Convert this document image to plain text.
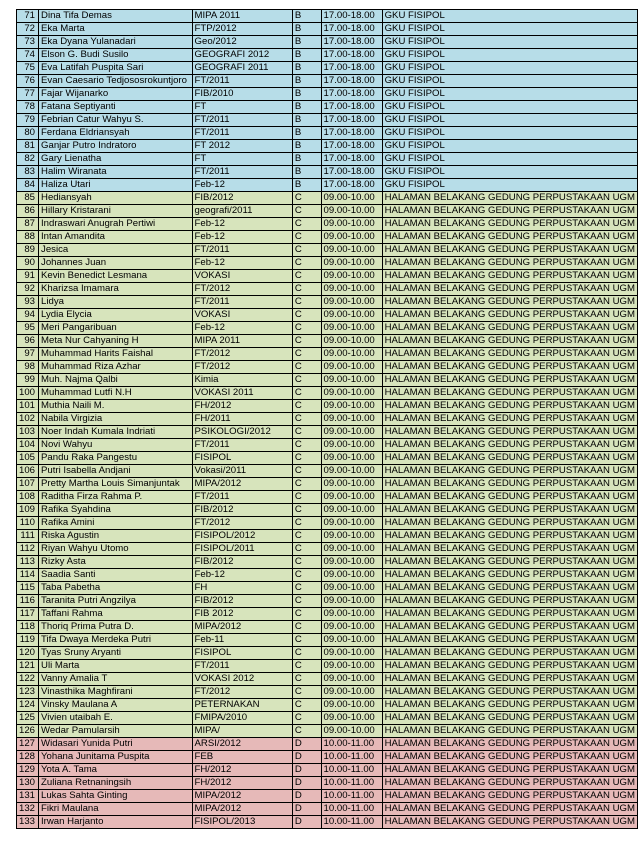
71	Dina Tifa Demas	MIPA 2011	B	17.00-18.00	GKU FISIPOL
72	Eka Marta	FTP/2012	B	17.00-18.00	GKU FISIPOL
73	Eka Dyana Yulanadari	Geo/2012	B	17.00-18.00	GKU FISIPOL
74	Elson G. Budi Susilo	GEOGRAFI 2012	B	17.00-18.00	GKU FISIPOL
75	Eva Latifah Puspita Sari	GEOGRAFI 2011	B	17.00-18.00	GKU FISIPOL
76	Evan Caesario Tedjososrokuntjoro	FT/2011	B	17.00-18.00	GKU FISIPOL
77	Fajar Wijanarko	FIB/2010	B	17.00-18.00	GKU FISIPOL
78	Fatana Septiyanti	FT	B	17.00-18.00	GKU FISIPOL
79	Febrian Catur Wahyu S.	FT/2011	B	17.00-18.00	GKU FISIPOL
80	Ferdana Eldriansyah	FT/2011	B	17.00-18.00	GKU FISIPOL
81	Ganjar Putro Indratoro	FT 2012	B	17.00-18.00	GKU FISIPOL
82	Gary Lienatha	FT	B	17.00-18.00	GKU FISIPOL
83	Halim Wiranata	FT/2011	B	17.00-18.00	GKU FISIPOL
84	Haliza Utari	Feb-12	B	17.00-18.00	GKU FISIPOL
85	Hediansyah	FIB/2012	C	09.00-10.00	HALAMAN BELAKANG GEDUNG PERPUSTAKAAN UGM
86	Hillary Kristarani	geografi/2011	C	09.00-10.00	HALAMAN BELAKANG GEDUNG PERPUSTAKAAN UGM
87	Indraswari Anugrah Pertiwi	Feb-12	C	09.00-10.00	HALAMAN BELAKANG GEDUNG PERPUSTAKAAN UGM
88	Intan Amandita	Feb-12	C	09.00-10.00	HALAMAN BELAKANG GEDUNG PERPUSTAKAAN UGM
89	Jesica	FT/2011	C	09.00-10.00	HALAMAN BELAKANG GEDUNG PERPUSTAKAAN UGM
90	Johannes Juan	Feb-12	C	09.00-10.00	HALAMAN BELAKANG GEDUNG PERPUSTAKAAN UGM
91	Kevin Benedict Lesmana	VOKASI	C	09.00-10.00	HALAMAN BELAKANG GEDUNG PERPUSTAKAAN UGM
92	Kharizsa Imamara	FT/2012	C	09.00-10.00	HALAMAN BELAKANG GEDUNG PERPUSTAKAAN UGM
93	Lidya	FT/2011	C	09.00-10.00	HALAMAN BELAKANG GEDUNG PERPUSTAKAAN UGM
94	Lydia Elycia	VOKASI	C	09.00-10.00	HALAMAN BELAKANG GEDUNG PERPUSTAKAAN UGM
95	Meri Pangaribuan	Feb-12	C	09.00-10.00	HALAMAN BELAKANG GEDUNG PERPUSTAKAAN UGM
96	Meta Nur Cahyaning H	MIPA 2011	C	09.00-10.00	HALAMAN BELAKANG GEDUNG PERPUSTAKAAN UGM
97	Muhammad Harits Faishal	FT/2012	C	09.00-10.00	HALAMAN BELAKANG GEDUNG PERPUSTAKAAN UGM
98	Muhammad Riza Azhar	FT/2012	C	09.00-10.00	HALAMAN BELAKANG GEDUNG PERPUSTAKAAN UGM
99	Muh. Najma Qalbi	Kimia	C	09.00-10.00	HALAMAN BELAKANG GEDUNG PERPUSTAKAAN UGM
100	Muhammad Lutfi N.H	VOKASI 2011	C	09.00-10.00	HALAMAN BELAKANG GEDUNG PERPUSTAKAAN UGM
101	Muthia Naili M.	FH/2012	C	09.00-10.00	HALAMAN BELAKANG GEDUNG PERPUSTAKAAN UGM
102	Nabila Virgizia	FH/2011	C	09.00-10.00	HALAMAN BELAKANG GEDUNG PERPUSTAKAAN UGM
103	Noer Indah Kumala Indriati	PSIKOLOGI/2012	C	09.00-10.00	HALAMAN BELAKANG GEDUNG PERPUSTAKAAN UGM
104	Novi Wahyu	FT/2011	C	09.00-10.00	HALAMAN BELAKANG GEDUNG PERPUSTAKAAN UGM
105	Pandu Raka Pangestu	FISIPOL	C	09.00-10.00	HALAMAN BELAKANG GEDUNG PERPUSTAKAAN UGM
106	Putri Isabella Andjani	Vokasi/2011	C	09.00-10.00	HALAMAN BELAKANG GEDUNG PERPUSTAKAAN UGM
107	Pretty Martha Louis Simanjuntak	MIPA/2012	C	09.00-10.00	HALAMAN BELAKANG GEDUNG PERPUSTAKAAN UGM
108	Raditha Firza Rahma P.	FT/2011	C	09.00-10.00	HALAMAN BELAKANG GEDUNG PERPUSTAKAAN UGM
109	Rafika Syahdina	FIB/2012	C	09.00-10.00	HALAMAN BELAKANG GEDUNG PERPUSTAKAAN UGM
110	Rafika Amini	FT/2012	C	09.00-10.00	HALAMAN BELAKANG GEDUNG PERPUSTAKAAN UGM
111	Riska Agustin	FISIPOL/2012	C	09.00-10.00	HALAMAN BELAKANG GEDUNG PERPUSTAKAAN UGM
112	Riyan Wahyu Utomo	FISIPOL/2011	C	09.00-10.00	HALAMAN BELAKANG GEDUNG PERPUSTAKAAN UGM
113	Rizky Asta	FIB/2012	C	09.00-10.00	HALAMAN BELAKANG GEDUNG PERPUSTAKAAN UGM
114	Saadia Santi	Feb-12	C	09.00-10.00	HALAMAN BELAKANG GEDUNG PERPUSTAKAAN UGM
115	Taba Pabetha	FH	C	09.00-10.00	HALAMAN BELAKANG GEDUNG PERPUSTAKAAN UGM
116	Taranita Putri Angzilya	FIB/2012	C	09.00-10.00	HALAMAN BELAKANG GEDUNG PERPUSTAKAAN UGM
117	Taffani Rahma	FIB 2012	C	09.00-10.00	HALAMAN BELAKANG GEDUNG PERPUSTAKAAN UGM
118	Thoriq Prima Putra D.	MIPA/2012	C	09.00-10.00	HALAMAN BELAKANG GEDUNG PERPUSTAKAAN UGM
119	Tifa Dwaya Merdeka Putri	Feb-11	C	09.00-10.00	HALAMAN BELAKANG GEDUNG PERPUSTAKAAN UGM
120	Tyas Sruny Aryanti	FISIPOL	C	09.00-10.00	HALAMAN BELAKANG GEDUNG PERPUSTAKAAN UGM
121	Uli Marta	FT/2011	C	09.00-10.00	HALAMAN BELAKANG GEDUNG PERPUSTAKAAN UGM
122	Vanny Amalia T	VOKASI 2012	C	09.00-10.00	HALAMAN BELAKANG GEDUNG PERPUSTAKAAN UGM
123	Vinasthika Maghfirani	FT/2012	C	09.00-10.00	HALAMAN BELAKANG GEDUNG PERPUSTAKAAN UGM
124	Vinsky Maulana A	PETERNAKAN	C	09.00-10.00	HALAMAN BELAKANG GEDUNG PERPUSTAKAAN UGM
125	Vivien utaibah E.	FMIPA/2010	C	09.00-10.00	HALAMAN BELAKANG GEDUNG PERPUSTAKAAN UGM
126	Wedar Pamularsih	MIPA/	C	09.00-10.00	HALAMAN BELAKANG GEDUNG PERPUSTAKAAN UGM
127	Widasari Yunida Putri	ARSI/2012	D	10.00-11.00	HALAMAN BELAKANG GEDUNG PERPUSTAKAAN UGM
128	Yohana Junitama Puspita	FEB	D	10.00-11.00	HALAMAN BELAKANG GEDUNG PERPUSTAKAAN UGM
129	Yota A. Tama	FH/2012	D	10.00-11.00	HALAMAN BELAKANG GEDUNG PERPUSTAKAAN UGM
130	Zuliana Retnaningsih	FH/2012	D	10.00-11.00	HALAMAN BELAKANG GEDUNG PERPUSTAKAAN UGM
131	Lukas Sahta Ginting	MIPA/2012	D	10.00-11.00	HALAMAN BELAKANG GEDUNG PERPUSTAKAAN UGM
132	Fikri Maulana	MIPA/2012	D	10.00-11.00	HALAMAN BELAKANG GEDUNG PERPUSTAKAAN UGM
133	Irwan Harjanto	FISIPOL/2013	D	10.00-11.00	HALAMAN BELAKANG GEDUNG PERPUSTAKAAN UGM
